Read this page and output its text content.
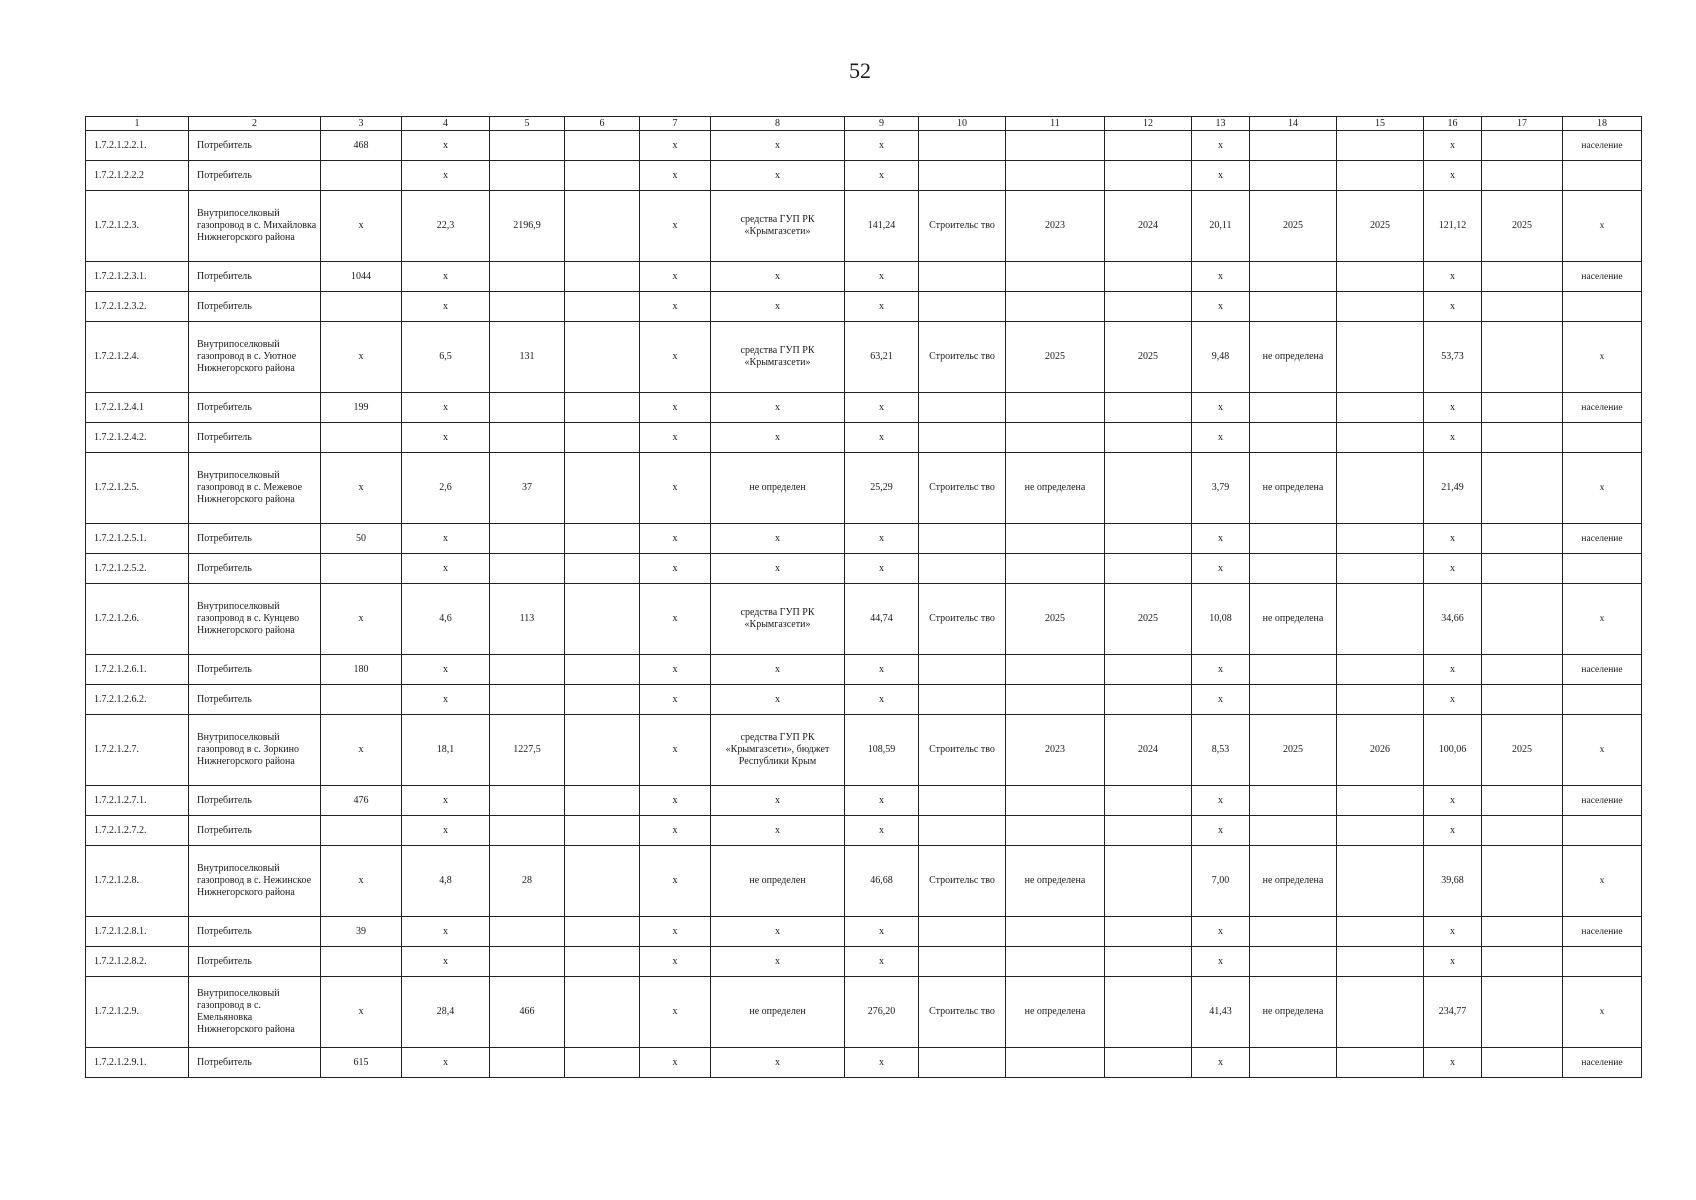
52
1	2	3	4	5	6	7	8	9	10	11	12	13	14	15	16	17	18
1.7.2.1.2.2.1.	Потребитель	468	x			x	x	x				x			x		население
1.7.2.1.2.2.2	Потребитель		x			x	x	x				x			x		
1.7.2.1.2.3.	Внутрипоселковый газопровод в с. Михайловка Нижнегорского района	x	22,3	2196,9		x	средства ГУП РК «Крымгазсети»	141,24	Строительс тво	2023	2024	20,11	2025	2025	121,12	2025	x
1.7.2.1.2.3.1.	Потребитель	1044	x			x	x	x				x			x		население
1.7.2.1.2.3.2.	Потребитель		x			x	x	x				x			x		
1.7.2.1.2.4.	Внутрипоселковый газопровод в с. Уютное Нижнегорского района	x	6,5	131		x	средства ГУП РК «Крымгазсети»	63,21	Строительс тво	2025	2025	9,48	не определена		53,73		x
1.7.2.1.2.4.1	Потребитель	199	x			x	x	x				x			x		население
1.7.2.1.2.4.2.	Потребитель		x			x	x	x				x			x		
1.7.2.1.2.5.	Внутрипоселковый газопровод в с. Межевое Нижнегорского района	x	2,6	37		x	не определен	25,29	Строительс тво	не определена		3,79	не определена		21,49		x
1.7.2.1.2.5.1.	Потребитель	50	x			x	x	x				x			x		население
1.7.2.1.2.5.2.	Потребитель		x			x	x	x				x			x		
1.7.2.1.2.6.	Внутрипоселковый газопровод в с. Кунцево Нижнегорского района	x	4,6	113		x	средства ГУП РК «Крымгазсети»	44,74	Строительс тво	2025	2025	10,08	не определена		34,66		x
1.7.2.1.2.6.1.	Потребитель	180	x			x	x	x				x			x		население
1.7.2.1.2.6.2.	Потребитель		x			x	x	x				x			x		
1.7.2.1.2.7.	Внутрипоселковый газопровод в с. Зоркино Нижнегорского района	x	18,1	1227,5		x	средства ГУП РК «Крымгазсети», бюджет Республики Крым	108,59	Строительс тво	2023	2024	8,53	2025	2026	100,06	2025	x
1.7.2.1.2.7.1.	Потребитель	476	x			x	x	x				x			x		население
1.7.2.1.2.7.2.	Потребитель		x			x	x	x				x			x		
1.7.2.1.2.8.	Внутрипоселковый газопровод в с. Нежинское Нижнегорского района	x	4,8	28		x	не определен	46,68	Строительс тво	не определена		7,00	не определена		39,68		x
1.7.2.1.2.8.1.	Потребитель	39	x			x	x	x				x			x		население
1.7.2.1.2.8.2.	Потребитель		x			x	x	x				x			x		
1.7.2.1.2.9.	Внутрипоселковый газопровод в с. Емельяновка Нижнегорского района	x	28,4	466		x	не определен	276,20	Строительс тво	не определена		41,43	не определена		234,77		x
1.7.2.1.2.9.1.	Потребитель	615	x			x	x	x				x			x		население
